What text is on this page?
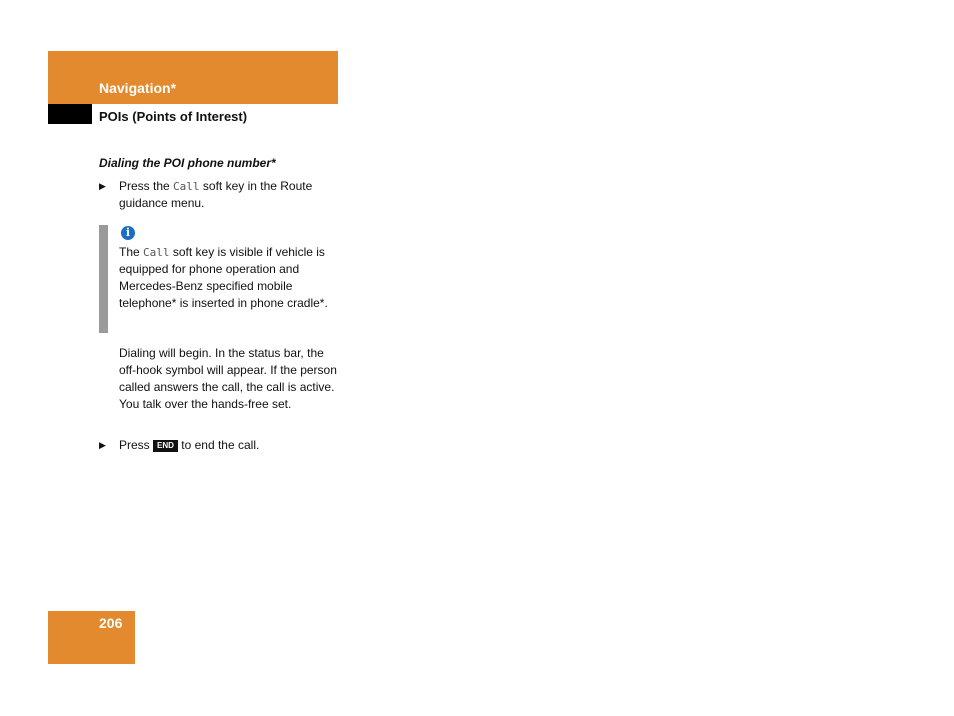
Navigation*
POIs (Points of Interest)
Dialing the POI phone number*
▶ Press the Call soft key in the Route guidance menu.
i
The Call soft key is visible if vehicle is equipped for phone operation and Mercedes-Benz specified mobile telephone* is inserted in phone cradle*.
Dialing will begin. In the status bar, the off-hook symbol will appear. If the person called answers the call, the call is active. You talk over the hands-free set.
▶ Press END to end the call.
206
